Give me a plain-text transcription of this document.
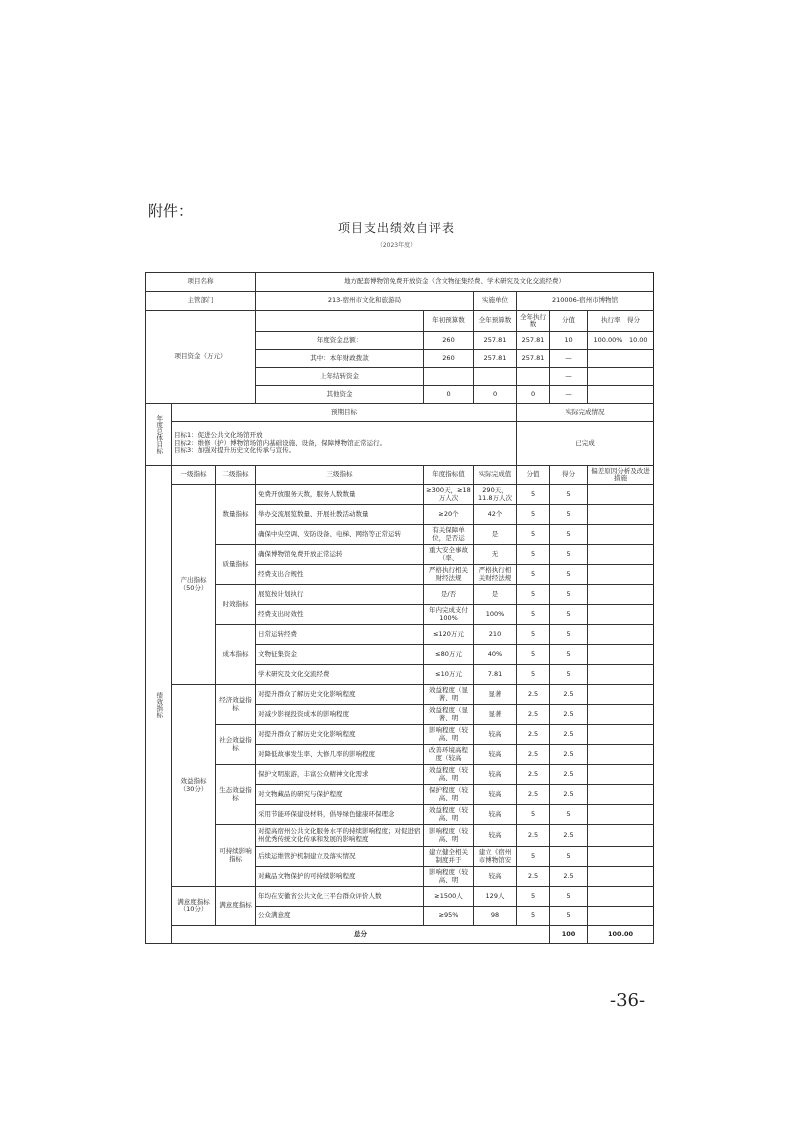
附件：
项目支出绩效自评表
（2023年度）
项目名称			地方配套博物馆免费开放资金（含文物征集经费、学术研究及文化交流经费）						
主管部门			213-宿州市文化和旅游局		实施单位	210006-宿州市博物馆			
项目资金（万元）				年初预算数	全年预算数	全年执行数	分值	执行率　 得分	
			年度资金总额：	260	257.81	257.81	10	100.00%　 10.00	
			其中：本年财政拨款	260	257.81	257.81	—		
			上年结转资金				—		
			其他资金	0	0	0	—		
年度总体目标	预期目标					实际完成情况			

	目标1：促进公共文化场馆开放
目标2：维修（护）博物馆场馆内基础设施、设备，保障博物馆正常运行。
目标3：加强对提升历史文化传承与宣传。					已完成			
绩效指标	一级指标	二级指标	三级指标	年度指标值	实际完成值	分值	得分	偏差原因分析及改进措施	
	产出指标（50分）	数量指标	免费开放服务天数，服务人数数量	≥300天，≥18万人次	290天，11.8万人次	5	5		
			举办交流展览数量、开展社教活动数量	≥20个	42个	5	5		
			确保中央空调、安防设备、电梯、网络等正常运转	有关保障单位，是否运	是	5	5		
		质量指标	确保博物馆免费开放正常运转	重大安全事故（率、	无	5	5		
			经费支出合规性	严格执行相关财经法规	严格执行相关财经法规	5	5		
		时效指标	展览按计划执行	是/否	是	5	5		
			经费支出时效性	年内完成支付100%	100%	5	5		
		成本指标	日常运转经费	≤120万元	210	5	5		
			文物征集资金	≤80万元	40%	5	5		
			学术研究及文化交流经费	≤10万元	7.81	5	5		
	效益指标（30分）	经济效益指标	对提升群众了解历史文化影响程度	效益程度（显著、明	显著	2.5	2.5		
			对减少影视投资成本的影响程度	效益程度（显著、明	显著	2.5	2.5		
		社会效益指标	对提升群众了解历史文化影响程度	影响程度（较高、明	较高	2.5	2.5		
			对降低故事发生率、大修几率的影响程度	改善环境高程度（较高	较高	2.5	2.5		
		生态效益指标	保护文明旅游，丰富公众精神文化需求	效益程度（较高、明	较高	2.5	2.5		
			对文物藏品的研究与保护程度	保护程度（较高、明	较高	2.5	2.5		
			采用节能环保建设材料，倡导绿色健康环保理念	效益程度（较高、明	较高	5	5		
		可持续影响指标	对提高宿州公共文化服务水平的持续影响程度；对促进宿州优秀传统文化传承和发展的影响程度	影响程度（较高、明	较高	2.5	2.5		
			后续运维管护机制建立及落实情况	建立健全相关制度并于	建立《宿州市博物馆安	5	5		
			对藏品文物保护的可持续影响程度	影响程度（较高、明	较高	2.5	2.5		
	满意度指标（10分）	满意度指标	年均在安徽省公共文化三平台群众评价人数	≥1500人	129人	5	5		
			公众满意度	≥95%	98	5	5		
	总分						100	100.00	
-36-
